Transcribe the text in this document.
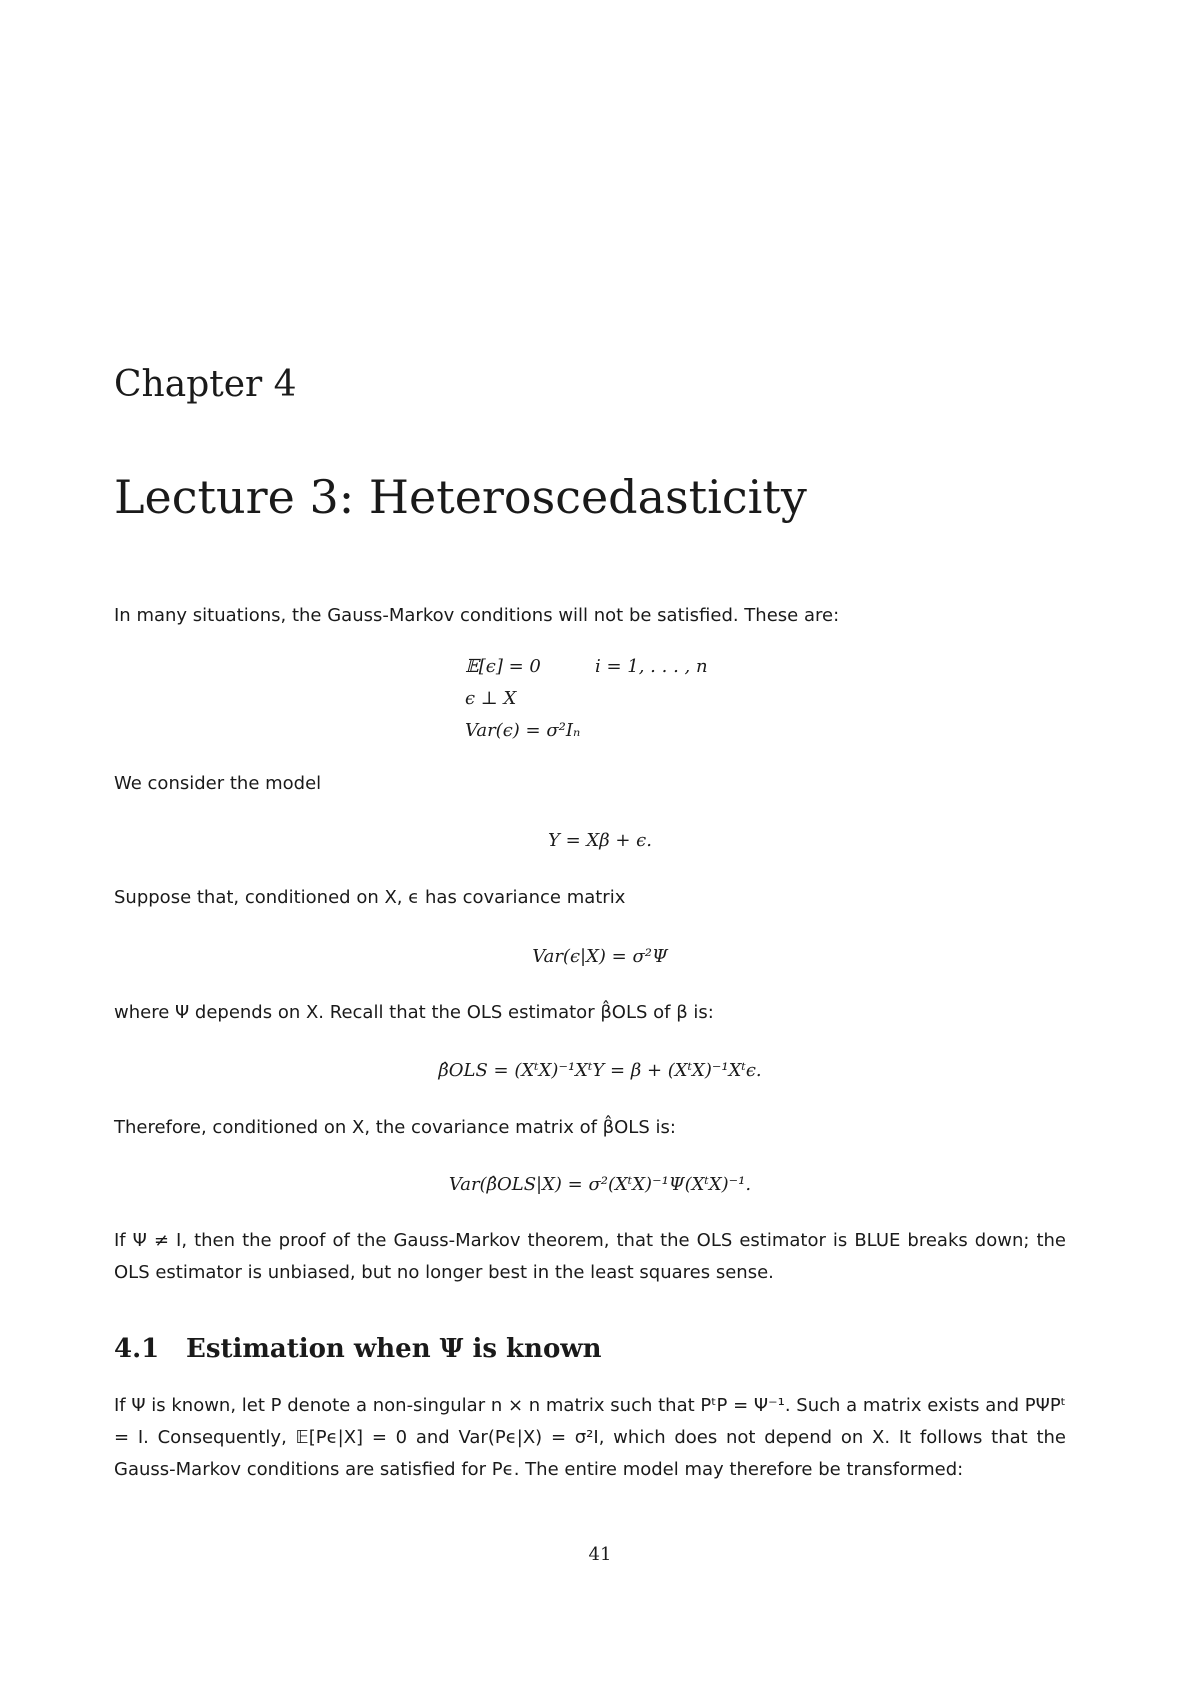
Chapter 4
Lecture 3: Heteroscedasticity
In many situations, the Gauss-Markov conditions will not be satisfied. These are:
𝔼[ϵ] = 0	i = 1, . . . , n
ϵ ⊥ X
Var(ϵ) = σ²Iₙ
We consider the model
Y = Xβ + ϵ.
Suppose that, conditioned on X, ϵ has covariance matrix
Var(ϵ|X) = σ²Ψ
where Ψ depends on X. Recall that the OLS estimator β̂OLS of β is:
β̂OLS = (XᵗX)⁻¹XᵗY = β + (XᵗX)⁻¹Xᵗϵ.
Therefore, conditioned on X, the covariance matrix of β̂OLS is:
Var(β̂OLS|X) = σ²(XᵗX)⁻¹Ψ(XᵗX)⁻¹.
If Ψ ≠ I, then the proof of the Gauss-Markov theorem, that the OLS estimator is BLUE breaks down; the OLS estimator is unbiased, but no longer best in the least squares sense.
4.1 Estimation when Ψ is known
If Ψ is known, let P denote a non-singular n × n matrix such that PᵗP = Ψ⁻¹. Such a matrix exists and PΨPᵗ = I. Consequently, 𝔼[Pϵ|X] = 0 and Var(Pϵ|X) = σ²I, which does not depend on X. It follows that the Gauss-Markov conditions are satisfied for Pϵ. The entire model may therefore be transformed:
41
